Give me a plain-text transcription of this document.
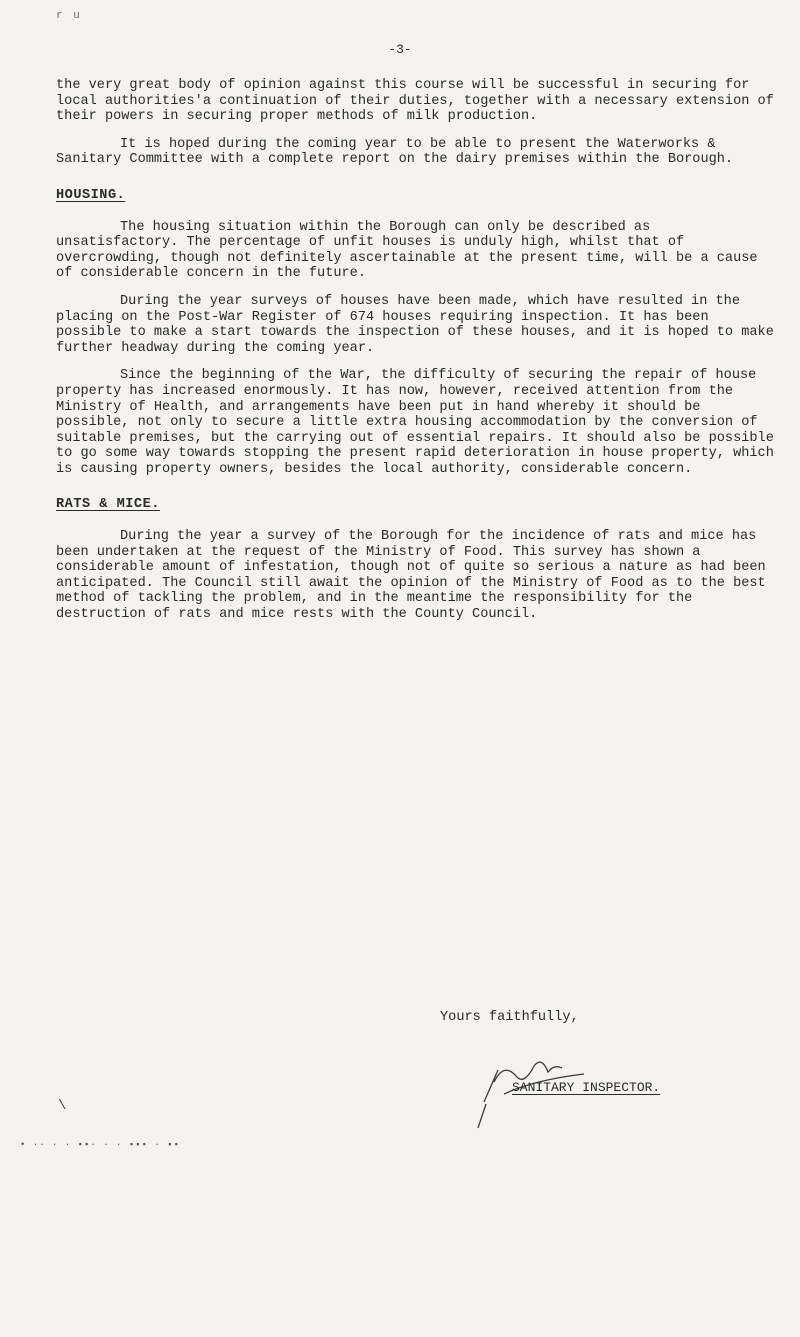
r u
-3-

the very great body of opinion against this course will be successful in securing for local authorities'a continuation of their duties, together with a necessary extension of their powers in securing proper methods of milk production.

It is hoped during the coming year to be able to present the Waterworks & Sanitary Committee with a complete report on the dairy premises within the Borough.

HOUSING.

The housing situation within the Borough can only be described as unsatisfactory. The percentage of unfit houses is unduly high, whilst that of overcrowding, though not definitely ascertainable at the present time, will be a cause of considerable concern in the future.

During the year surveys of houses have been made, which have resulted in the placing on the Post-War Register of 674 houses requiring inspection. It has been possible to make a start towards the inspection of these houses, and it is hoped to make further headway during the coming year.

Since the beginning of the War, the difficulty of securing the repair of house property has increased enormously. It has now, however, received attention from the Ministry of Health, and arrangements have been put in hand whereby it should be possible, not only to secure a little extra housing accommodation by the conversion of suitable premises, but the carrying out of essential repairs. It should also be possible to go some way towards stopping the present rapid deterioration in house property, which is causing property owners, besides the local authority, considerable concern.

RATS & MICE.

During the year a survey of the Borough for the incidence of rats and mice has been undertaken at the request of the Ministry of Food. This survey has shown a considerable amount of infestation, though not of quite so serious a nature as had been anticipated. The Council still await the opinion of the Ministry of Food as to the best method of tackling the problem, and in the meantime the responsibility for the destruction of rats and mice rests with the County Council.

Yours faithfully,
SANITARY INSPECTOR.
\
• ·· · · ▪▪· · · ▪▪▪ · ▪▪
